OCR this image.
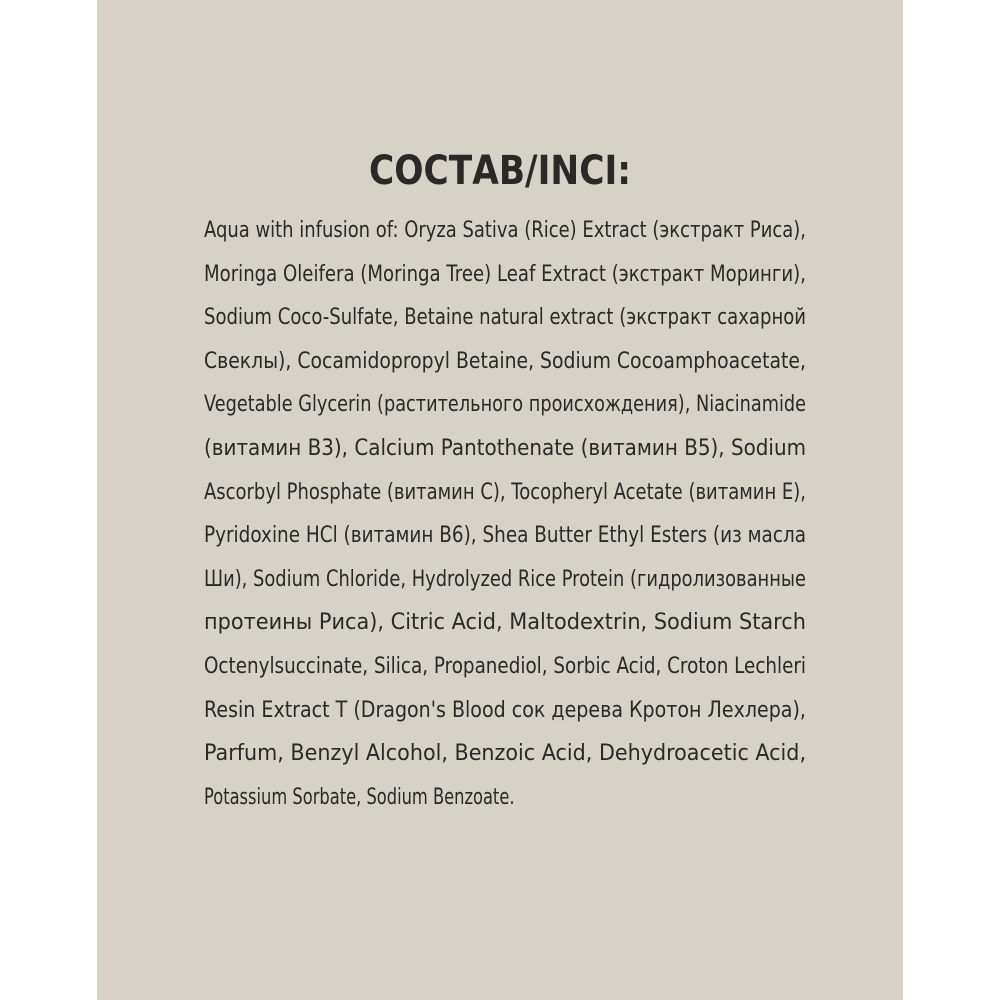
СОСТАВ/INCI:
Aqua with infusion of: Oryza Sativa (Rice) Extract (экстракт Риса),
Moringa Oleifera (Moringa Tree) Leaf Extract (экстракт Моринги),
Sodium Coco-Sulfate, Betaine natural extract (экстракт сахарной
Свеклы), Cocamidopropyl Betaine, Sodium Cocoamphoacetate,
Vegetable Glycerin (растительного происхождения), Niacinamide
(витамин B3), Calcium Pantothenate (витамин B5), Sodium
Ascorbyl Phosphate (витамин C), Tocopheryl Acetate (витамин E),
Pyridoxine HCl (витамин B6), Shea Butter Ethyl Esters (из масла
Ши), Sodium Chloride, Hydrolyzed Rice Protein (гидролизованные
протеины Риса), Citric Acid, Maltodextrin, Sodium Starch
Octenylsuccinate, Silica, Propanediol, Sorbic Acid, Croton Lechleri
Resin Extract T (Dragon's Blood сок дерева Кротон Лехлера),
Parfum, Benzyl Alcohol, Benzoic Acid, Dehydroacetic Acid,
Potassium Sorbate, Sodium Benzoate.
